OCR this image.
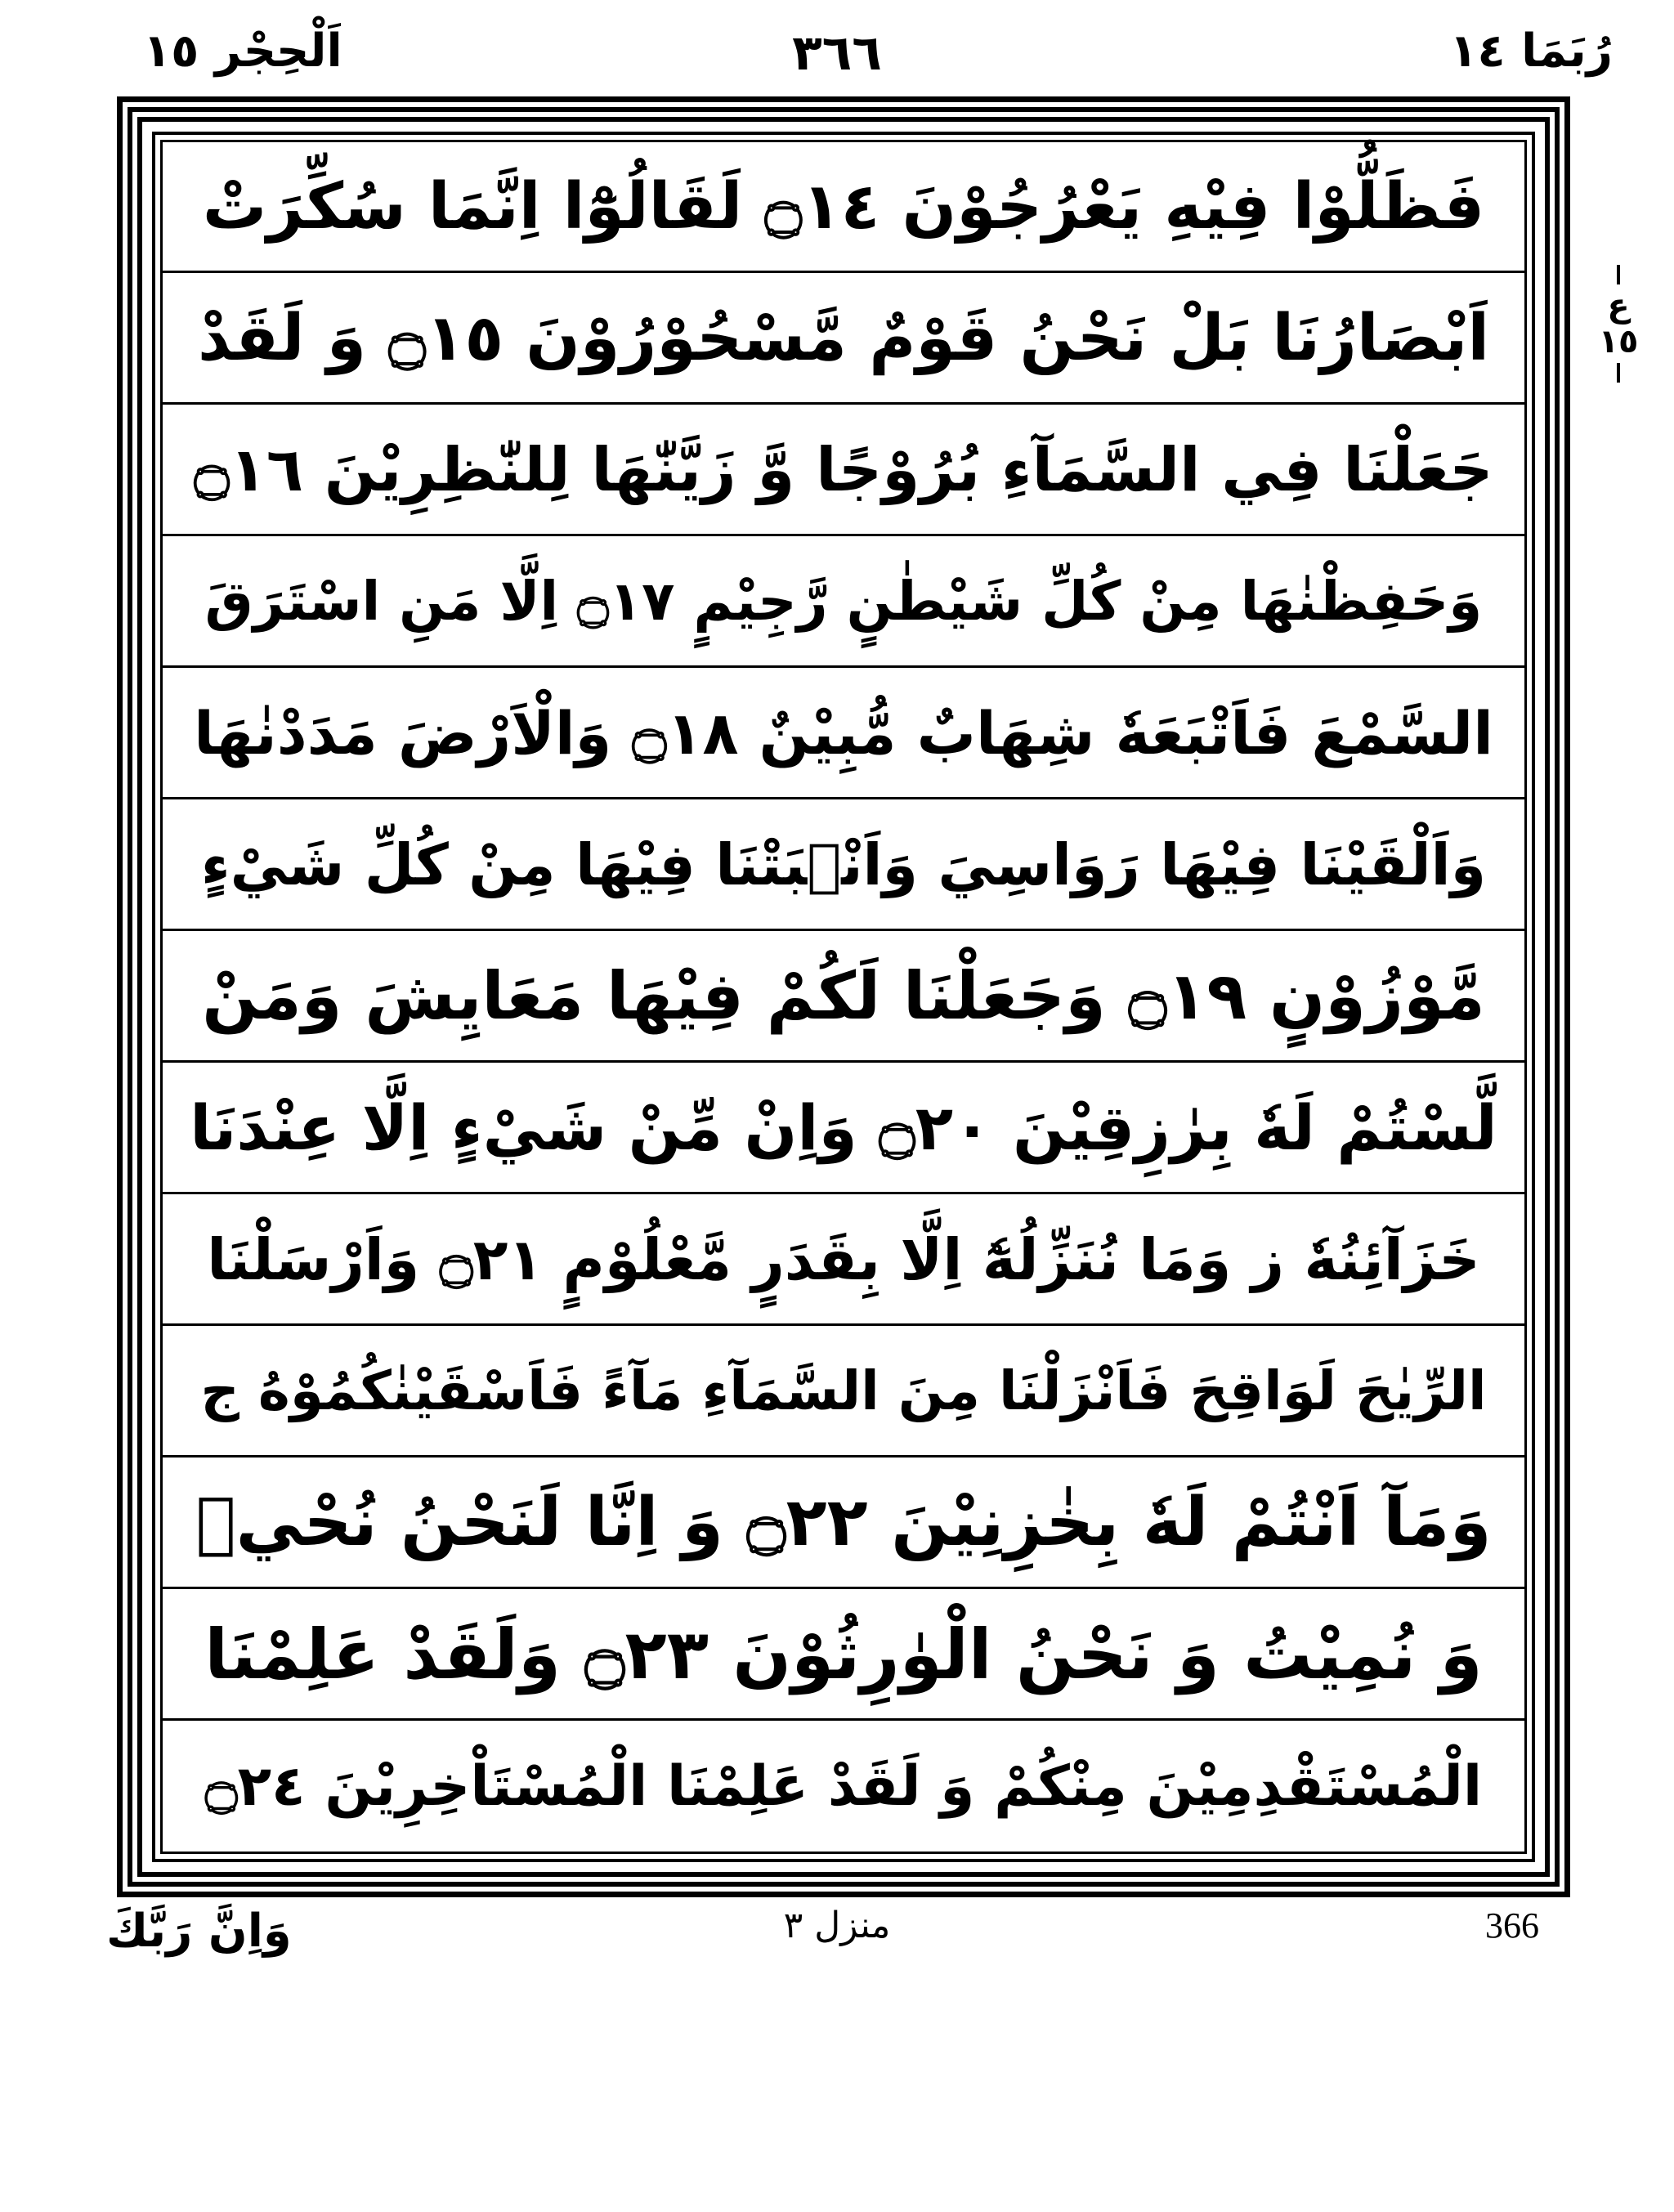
اَلْحِجْر ١٥	٣٦٦	رُبَمَا ١٤
فَظَلُّوْا فِيْهِ يَعْرُجُوْنَ ۝١٤ لَقَالُوْٓا اِنَّمَا سُكِّرَتْ
اَبْصَارُنَا بَلْ نَحْنُ قَوْمٌ مَّسْحُوْرُوْنَ ۝١٥ وَ لَقَدْ
جَعَلْنَا فِي السَّمَآءِ بُرُوْجًا وَّ زَيَّنّٰهَا لِلنّٰظِرِيْنَ ۝١٦
وَحَفِظْنٰهَا مِنْ كُلِّ شَيْطٰنٍ رَّجِيْمٍ ۝١٧ اِلَّا مَنِ اسْتَرَقَ
السَّمْعَ فَاَتْبَعَهٗ شِهَابٌ مُّبِيْنٌ ۝١٨ وَالْاَرْضَ مَدَدْنٰهَا
وَاَلْقَيْنَا فِيْهَا رَوَاسِيَ وَاَنْۢبَتْنَا فِيْهَا مِنْ كُلِّ شَيْءٍ
مَّوْزُوْنٍ ۝١٩ وَجَعَلْنَا لَكُمْ فِيْهَا مَعَايِشَ وَمَنْ
لَّسْتُمْ لَهٗ بِرٰزِقِيْنَ ۝٢٠ وَاِنْ مِّنْ شَيْءٍ اِلَّا عِنْدَنَا
خَزَآئِنُهٗ ز وَمَا نُنَزِّلُهٗٓ اِلَّا بِقَدَرٍ مَّعْلُوْمٍ ۝٢١ وَاَرْسَلْنَا
الرِّيٰحَ لَوَاقِحَ فَاَنْزَلْنَا مِنَ السَّمَآءِ مَآءً فَاَسْقَيْنٰكُمُوْهُ ج
وَمَآ اَنْتُمْ لَهٗ بِخٰزِنِيْنَ ۝٢٢ وَ اِنَّا لَنَحْنُ نُحْيٖ
وَ نُمِيْتُ وَ نَحْنُ الْوٰرِثُوْنَ ۝٢٣ وَلَقَدْ عَلِمْنَا
الْمُسْتَقْدِمِيْنَ مِنْكُمْ وَ لَقَدْ عَلِمْنَا الْمُسْتَاْخِرِيْنَ ۝٢٤
ع ١٥
وَاِنَّ رَبَّكَ	منزل ٣	366
